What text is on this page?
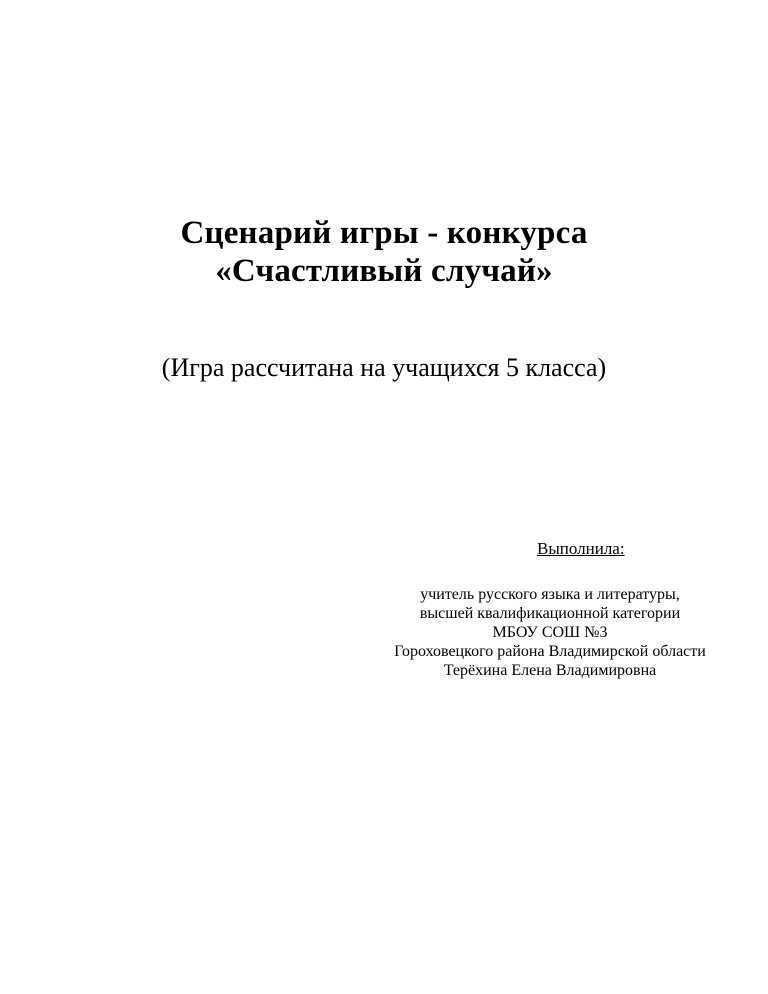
Сценарий игры - конкурса
«Счастливый случай»
(Игра рассчитана на учащихся 5 класса)
Выполнила:
учитель русского языка и литературы,
высшей квалификационной категории
МБОУ СОШ №3
Гороховецкого района Владимирской области
Терёхина Елена Владимировна
